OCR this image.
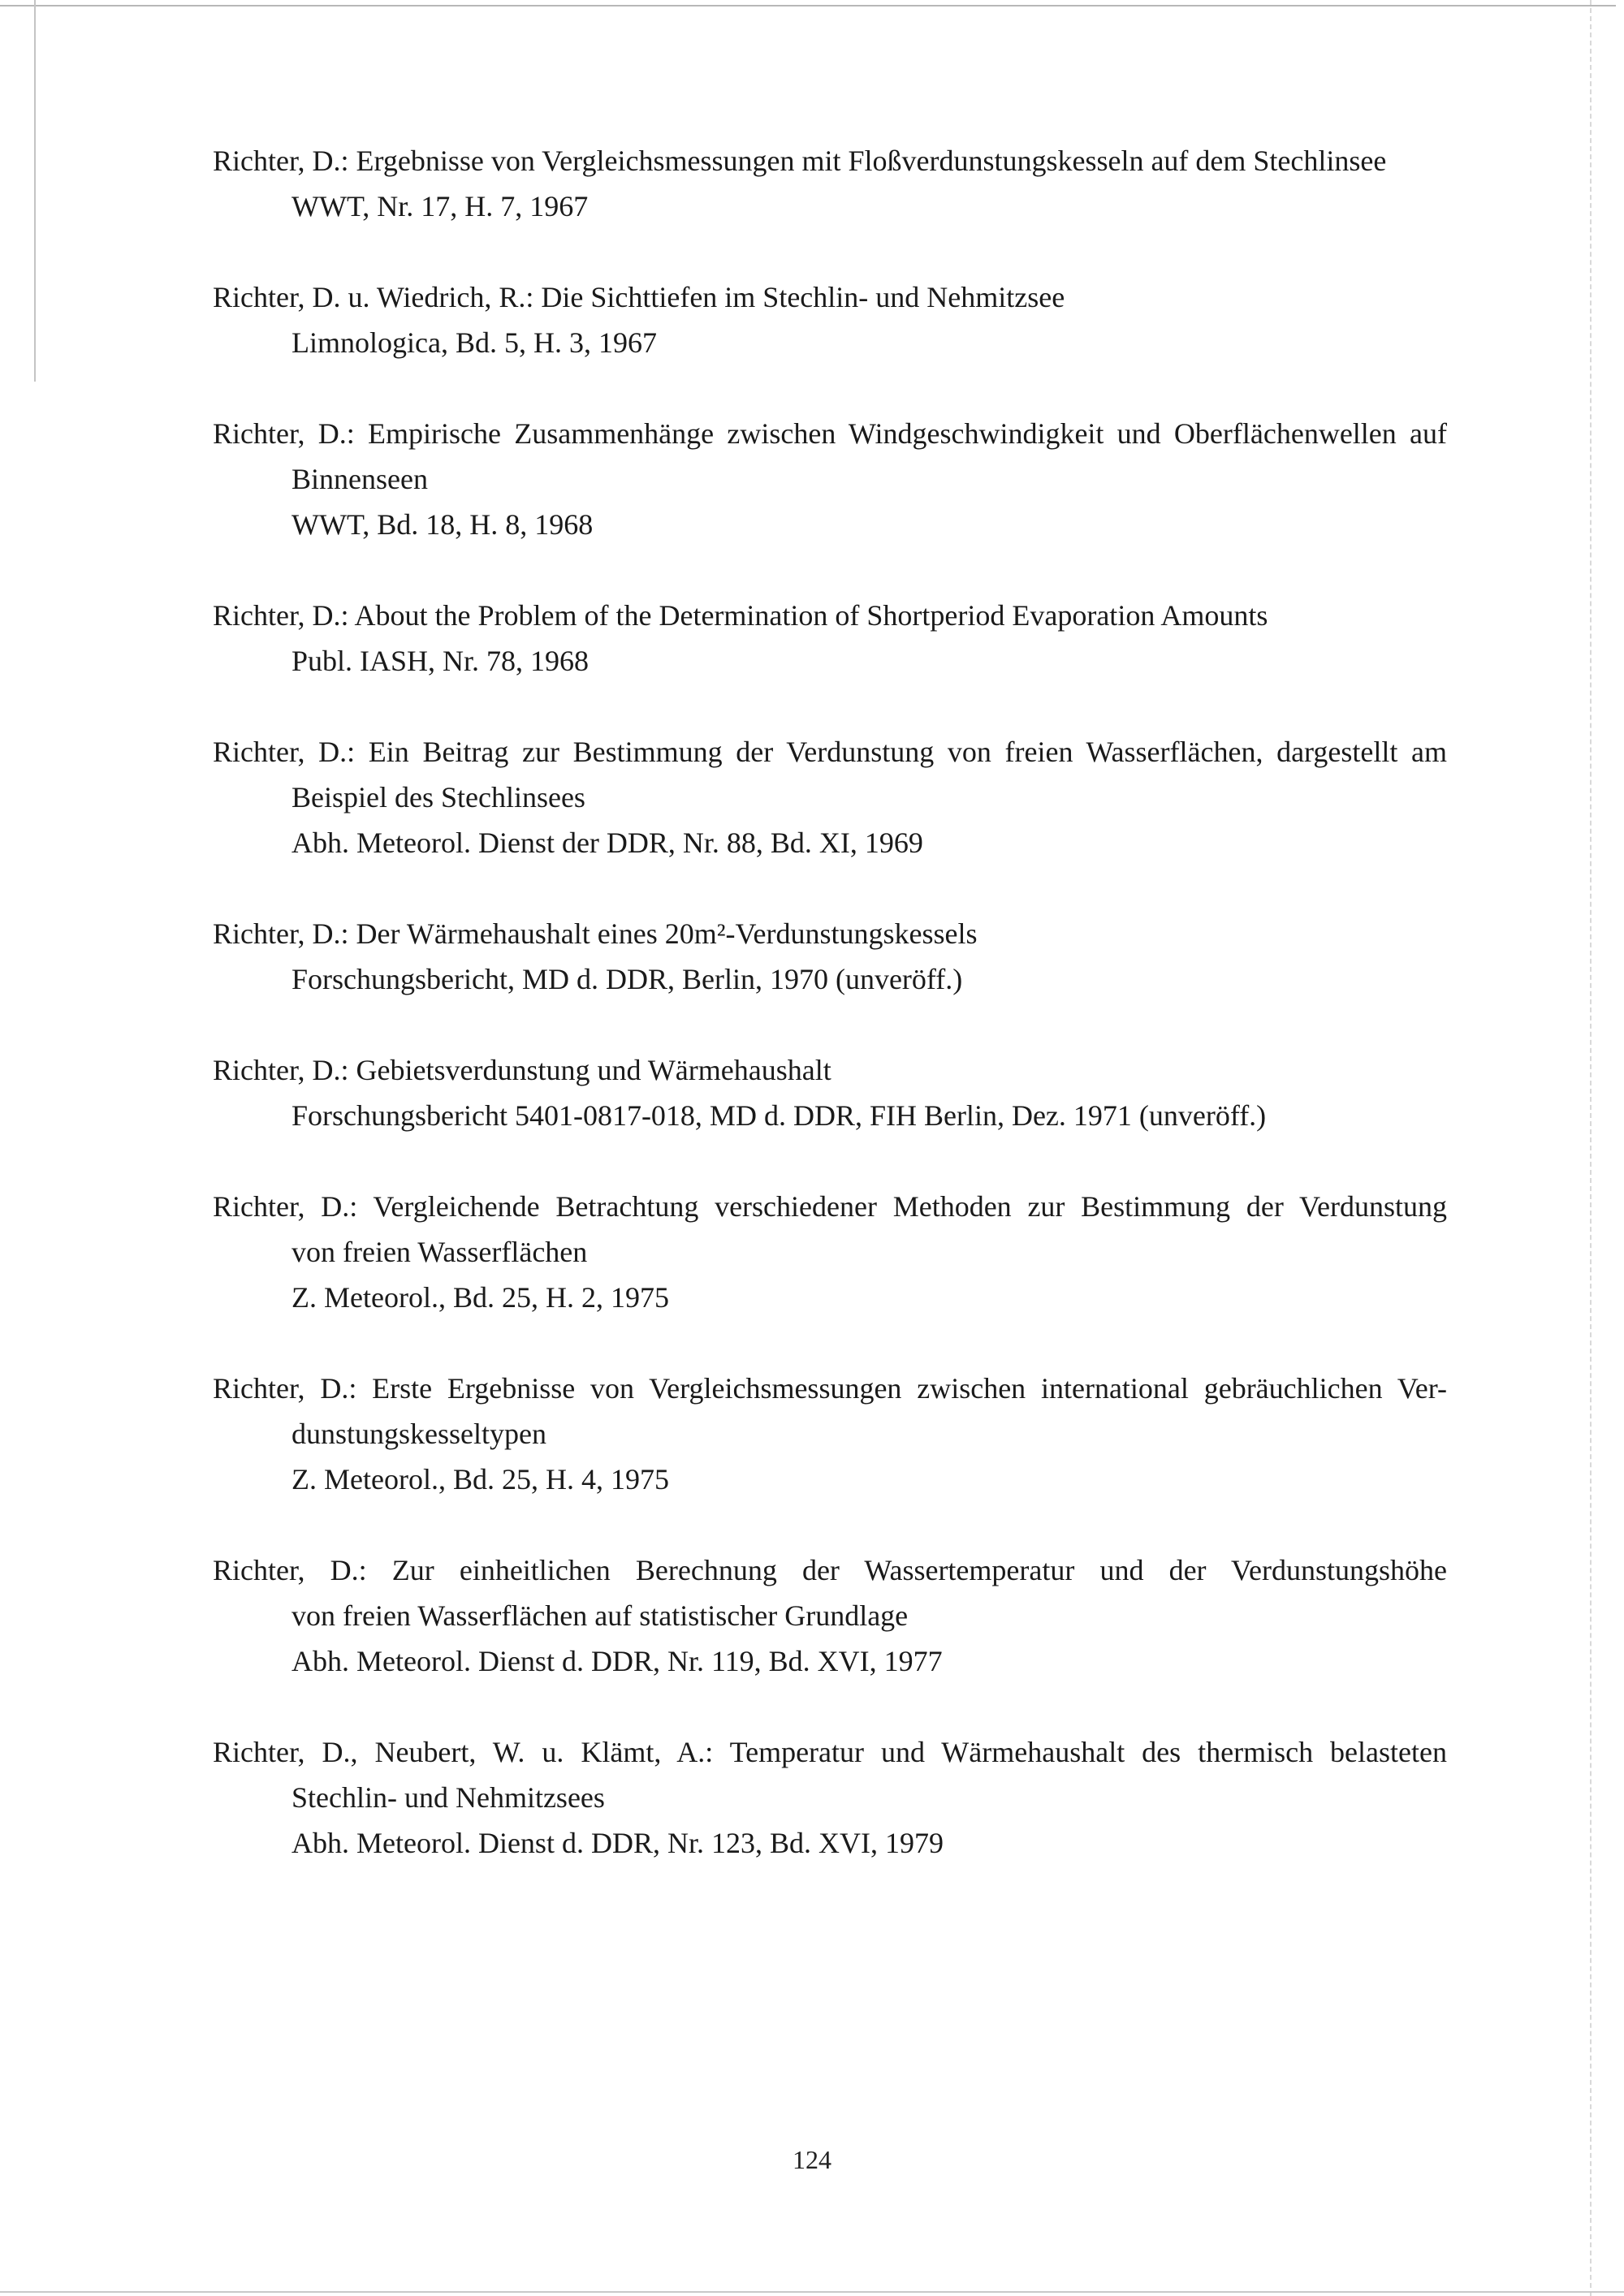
Richter, D.: Ergebnisse von Vergleichsmessungen mit Floßverdunstungskesseln auf dem Stechlinsee
WWT, Nr. 17, H. 7, 1967
Richter, D. u. Wiedrich, R.: Die Sichttiefen im Stechlin- und Nehmitzsee
Limnologica, Bd. 5, H. 3, 1967
Richter, D.: Empirische Zusammenhänge zwischen Windgeschwindigkeit und Oberflächenwellen auf
Binnenseen
WWT, Bd. 18, H. 8, 1968
Richter, D.: About the Problem of the Determination of Shortperiod Evaporation Amounts
Publ. IASH, Nr. 78, 1968
Richter, D.: Ein Beitrag zur Bestimmung der Verdunstung von freien Wasserflächen, dargestellt am
Beispiel des Stechlinsees
Abh. Meteorol. Dienst der DDR, Nr. 88, Bd. XI, 1969
Richter, D.: Der Wärmehaushalt eines 20m²-Verdunstungskessels
Forschungsbericht, MD d. DDR, Berlin, 1970 (unveröff.)
Richter, D.: Gebietsverdunstung und Wärmehaushalt
Forschungsbericht 5401-0817-018, MD d. DDR, FIH Berlin, Dez. 1971 (unveröff.)
Richter, D.: Vergleichende Betrachtung verschiedener Methoden zur Bestimmung der Verdunstung
von freien Wasserflächen
Z. Meteorol., Bd. 25, H. 2, 1975
Richter, D.: Erste Ergebnisse von Vergleichsmessungen zwischen international gebräuchlichen Ver-
dunstungskesseltypen
Z. Meteorol., Bd. 25, H. 4, 1975
Richter, D.: Zur einheitlichen Berechnung der Wassertemperatur und der Verdunstungshöhe
von freien Wasserflächen auf statistischer Grundlage
Abh. Meteorol. Dienst d. DDR, Nr. 119, Bd. XVI, 1977
Richter, D., Neubert, W. u. Klämt, A.: Temperatur und Wärmehaushalt des thermisch belasteten
Stechlin- und Nehmitzsees
Abh. Meteorol. Dienst d. DDR, Nr. 123, Bd. XVI, 1979
124
